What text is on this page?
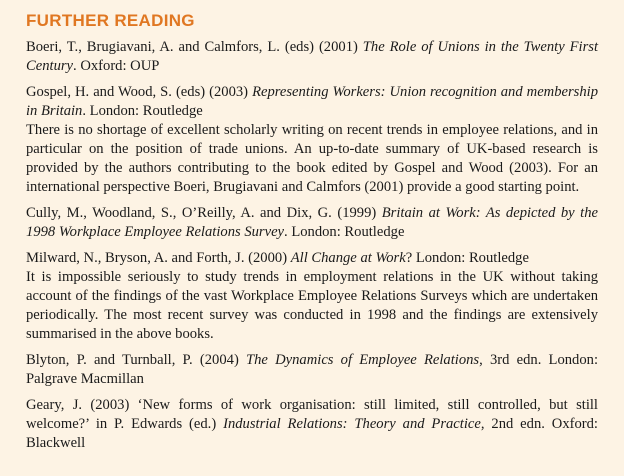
FURTHER READING

Boeri, T., Brugiavani, A. and Calmfors, L. (eds) (2001) The Role of Unions in the Twenty First Century. Oxford: OUP

Gospel, H. and Wood, S. (eds) (2003) Representing Workers: Union recognition and membership in Britain. London: Routledge

There is no shortage of excellent scholarly writing on recent trends in employee relations, and in particular on the position of trade unions. An up-to-date summary of UK-based research is provided by the authors contributing to the book edited by Gospel and Wood (2003). For an international perspective Boeri, Brugiavani and Calmfors (2001) provide a good starting point.

Cully, M., Woodland, S., O’Reilly, A. and Dix, G. (1999) Britain at Work: As depicted by the 1998 Workplace Employee Relations Survey. London: Routledge

Milward, N., Bryson, A. and Forth, J. (2000) All Change at Work? London: Routledge

It is impossible seriously to study trends in employment relations in the UK without taking account of the findings of the vast Workplace Employee Relations Surveys which are undertaken periodically. The most recent survey was conducted in 1998 and the findings are extensively summarised in the above books.

Blyton, P. and Turnball, P. (2004) The Dynamics of Employee Relations, 3rd edn. London: Palgrave Macmillan

Geary, J. (2003) ‘New forms of work organisation: still limited, still controlled, but still welcome?’ in P. Edwards (ed.) Industrial Relations: Theory and Practice, 2nd edn. Oxford: Blackwell
